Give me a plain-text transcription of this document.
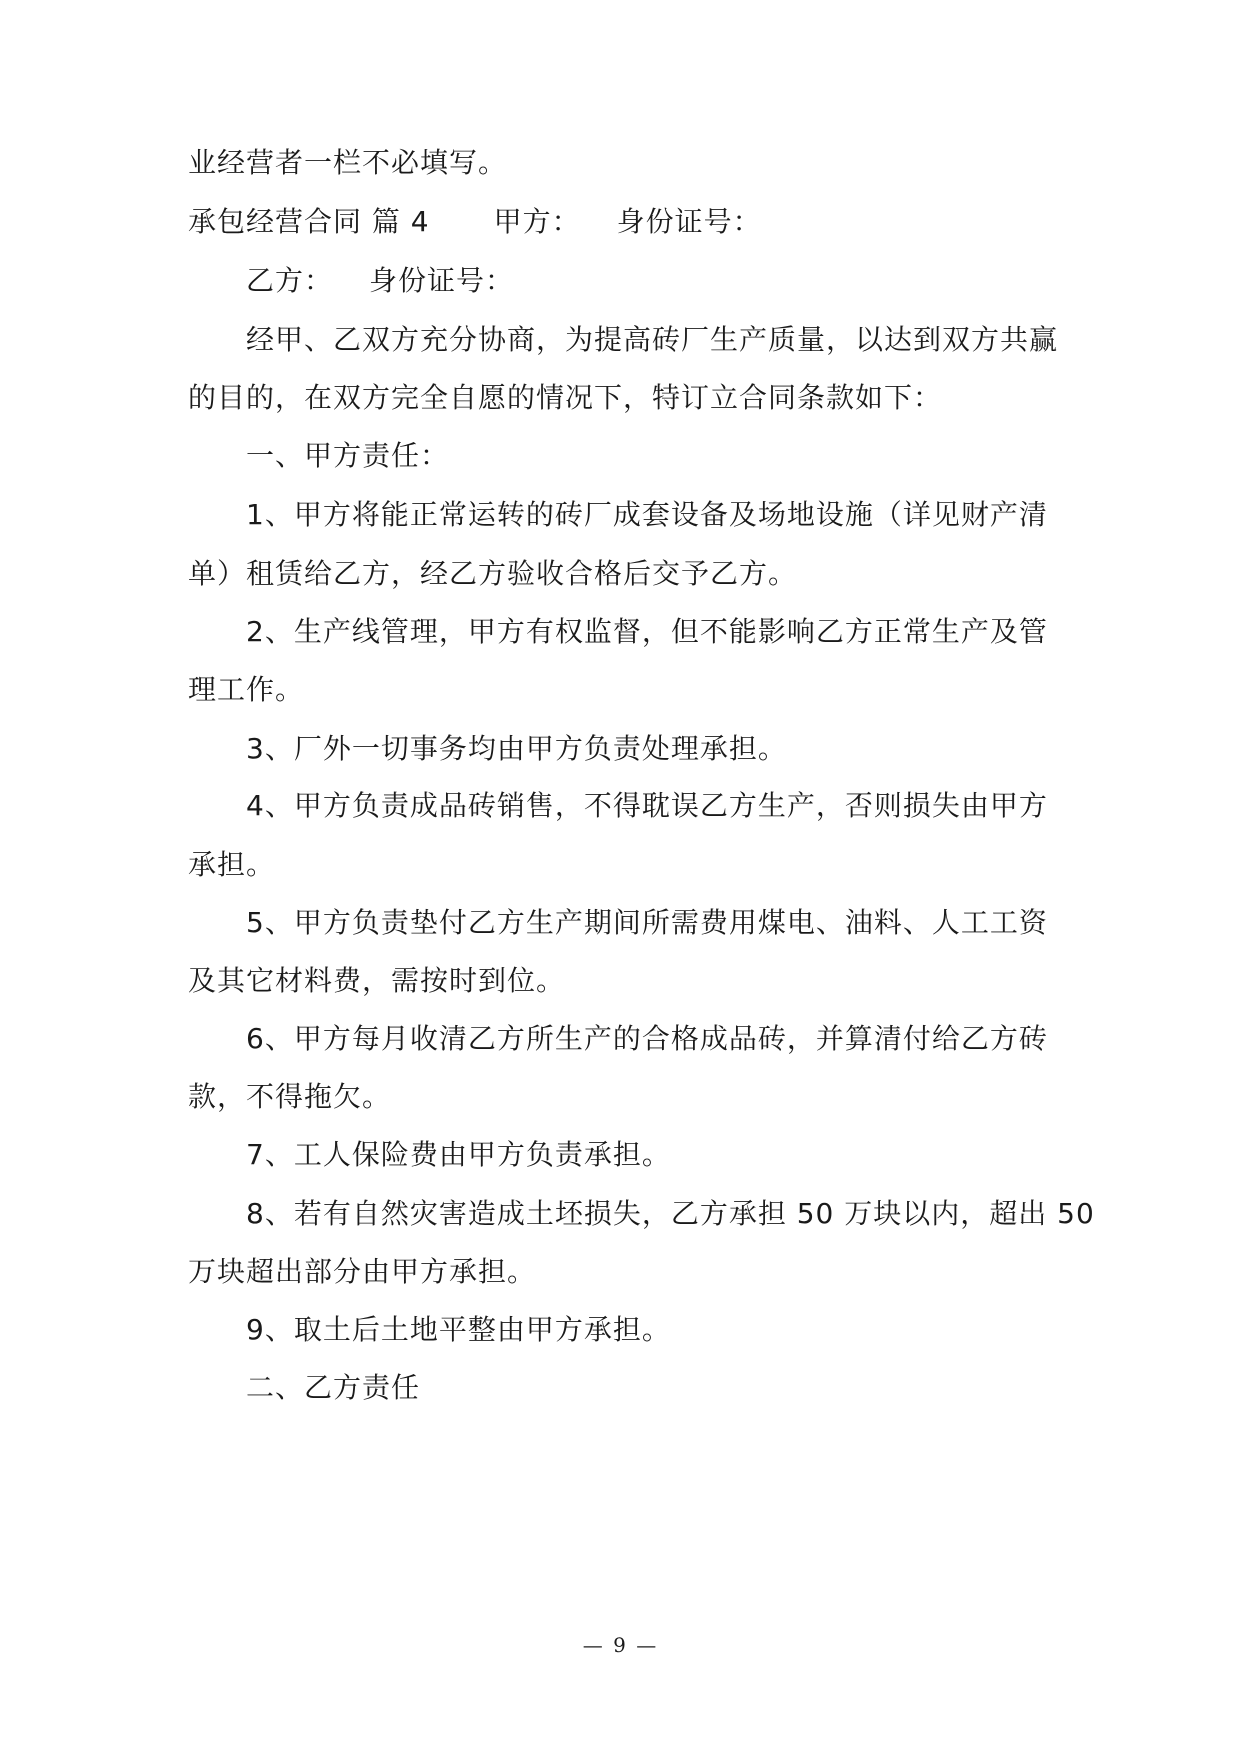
业经营者一栏不必填写。
承包经营合同 篇 4 甲方： 身份证号：
乙方： 身份证号：
经甲、乙双方充分协商，为提高砖厂生产质量，以达到双方共赢
的目的，在双方完全自愿的情况下，特订立合同条款如下：
一、甲方责任：
1、甲方将能正常运转的砖厂成套设备及场地设施（详见财产清
单）租赁给乙方，经乙方验收合格后交予乙方。
2、生产线管理，甲方有权监督，但不能影响乙方正常生产及管
理工作。
3、厂外一切事务均由甲方负责处理承担。
4、甲方负责成品砖销售，不得耽误乙方生产，否则损失由甲方
承担。
5、甲方负责垫付乙方生产期间所需费用煤电、油料、人工工资
及其它材料费，需按时到位。
6、甲方每月收清乙方所生产的合格成品砖，并算清付给乙方砖
款，不得拖欠。
7、工人保险费由甲方负责承担。
8、若有自然灾害造成土坯损失，乙方承担 50 万块以内，超出 50
万块超出部分由甲方承担。
9、取土后土地平整由甲方承担。
二、乙方责任
— 9 —
